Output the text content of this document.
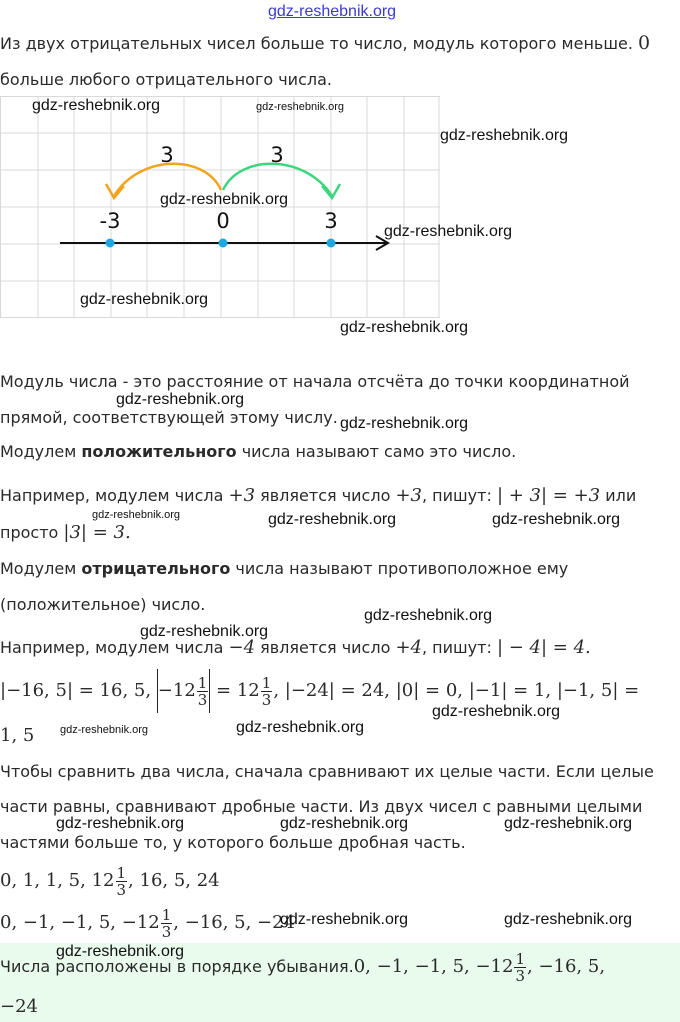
gdz-reshebnik.org
Из двух отрицательных чисел больше то число, модуль которого меньше. 0
больше любого отрицательного числа.
3	3
-3	0	3
Модуль числа - это расстояние от начала отсчёта до точки координатной
прямой, соответствующей этому числу.
Модулем положительного числа называют само это число.
Например, модулем числа +3 является число +3, пишут: | + 3| = +3 или
просто |3| = 3.
Модулем отрицательного числа называют противоположное ему
(положительное) число.
Например, модулем числа −4 является число +4, пишут: | − 4| = 4.
|−16, 5| = 16, 5, $-12 \frac{1}{3} = 12 \frac{1}{3}$ , |−24| = 24, |0| = 0, |−1| = 1, |−1, 5| =
1, 5
Чтобы сравнить два числа, сначала сравнивают их целые части. Если целые
части равны, сравнивают дробные части. Из двух чисел с равными целыми
частями больше то, у которого больше дробная часть.
0, 1, 1, 5, $12 \frac{1}{3}$ , 16, 5, 24
0, −1, −1, 5, $-12 \frac{1}{3}$ , −16, 5, −24
Числа расположены в порядке убывания.0, −1, −1, 5, $-12 \frac{1}{3}$ , −16, 5,
−24
gdz-reshebnik.org	gdz-reshebnik.org
gdz-reshebnik.org
gdz-reshebnik.org
gdz-reshebnik.org
gdz-reshebnik.org
gdz-reshebnik.org
gdz-reshebnik.org
gdz-reshebnik.org
gdz-reshebnik.org	gdz-reshebnik.org	gdz-reshebnik.org
gdz-reshebnik.org
gdz-reshebnik.org
gdz-reshebnik.org
gdz-reshebnik.org	gdz-reshebnik.org
gdz-reshebnik.org	gdz-reshebnik.org	gdz-reshebnik.org
gdz-reshebnik.org	gdz-reshebnik.org
gdz-reshebnik.org
